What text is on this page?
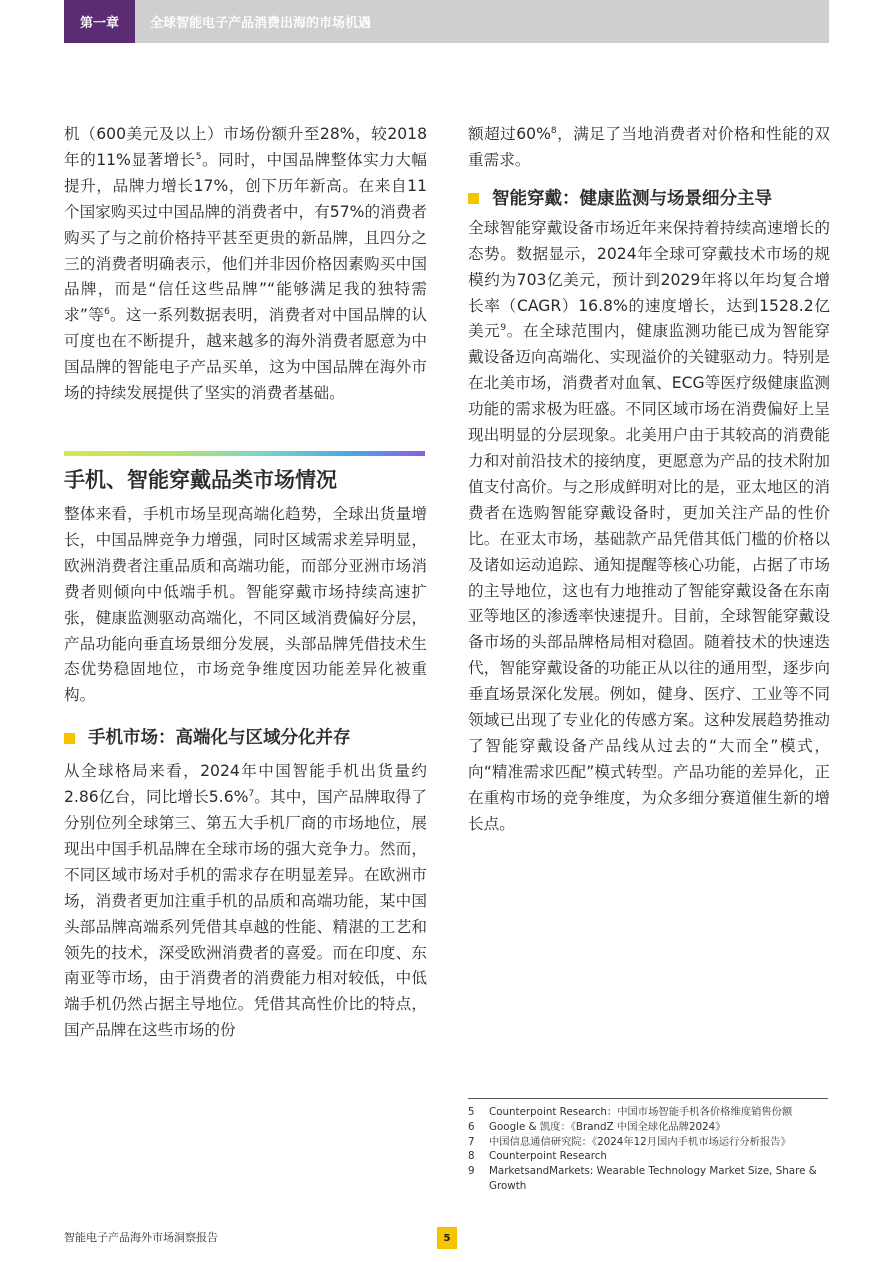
第一章	全球智能电子产品消费出海的市场机遇

机（600美元及以上）市场份额升至28%，较2018年的11%显著增长$^5$。同时，中国品牌整体实力大幅提升，品牌力增长17%，创下历年新高。在来自11个国家购买过中国品牌的消费者中，有57%的消费者购买了与之前价格持平甚至更贵的新品牌，且四分之三的消费者明确表示，他们并非因价格因素购买中国品牌，而是“信任这些品牌”“能够满足我的独特需求”等$^6$。这一系列数据表明，消费者对中国品牌的认可度也在不断提升，越来越多的海外消费者愿意为中国品牌的智能电子产品买单，这为中国品牌在海外市场的持续发展提供了坚实的消费者基础。

手机、智能穿戴品类市场情况

整体来看，手机市场呈现高端化趋势，全球出货量增长，中国品牌竞争力增强，同时区域需求差异明显，欧洲消费者注重品质和高端功能，而部分亚洲市场消费者则倾向中低端手机。智能穿戴市场持续高速扩张，健康监测驱动高端化，不同区域消费偏好分层，产品功能向垂直场景细分发展，头部品牌凭借技术生态优势稳固地位，市场竞争维度因功能差异化被重构。

手机市场：高端化与区域分化并存

从全球格局来看，2024年中国智能手机出货量约2.86亿台，同比增长5.6%$^7$。其中，国产品牌取得了分别位列全球第三、第五大手机厂商的市场地位，展现出中国手机品牌在全球市场的强大竞争力。然而，不同区域市场对手机的需求存在明显差异。在欧洲市场，消费者更加注重手机的品质和高端功能，某中国头部品牌高端系列凭借其卓越的性能、精湛的工艺和领先的技术，深受欧洲消费者的喜爱。而在印度、东南亚等市场，由于消费者的消费能力相对较低，中低端手机仍然占据主导地位。凭借其高性价比的特点，国产品牌在这些市场的份

额超过60%$^8$，满足了当地消费者对价格和性能的双重需求。

智能穿戴：健康监测与场景细分主导

全球智能穿戴设备市场近年来保持着持续高速增长的态势。数据显示，2024年全球可穿戴技术市场的规模约为703亿美元，预计到2029年将以年均复合增长率（CAGR）16.8%的速度增长，达到1528.2亿美元$^9$。在全球范围内，健康监测功能已成为智能穿戴设备迈向高端化、实现溢价的关键驱动力。特别是在北美市场，消费者对血氧、ECG等医疗级健康监测功能的需求极为旺盛。不同区域市场在消费偏好上呈现出明显的分层现象。北美用户由于其较高的消费能力和对前沿技术的接纳度，更愿意为产品的技术附加值支付高价。与之形成鲜明对比的是，亚太地区的消费者在选购智能穿戴设备时，更加关注产品的性价比。在亚太市场，基础款产品凭借其低门槛的价格以及诸如运动追踪、通知提醒等核心功能，占据了市场的主导地位，这也有力地推动了智能穿戴设备在东南亚等地区的渗透率快速提升。目前，全球智能穿戴设备市场的头部品牌格局相对稳固。随着技术的快速迭代，智能穿戴设备的功能正从以往的通用型，逐步向垂直场景深化发展。例如，健身、医疗、工业等不同领域已出现了专业化的传感方案。这种发展趋势推动了智能穿戴设备产品线从过去的“大而全”模式，向“精准需求匹配”模式转型。产品功能的差异化，正在重构市场的竞争维度，为众多细分赛道催生新的增长点。

5	Counterpoint Research：中国市场智能手机各价格维度销售份额
6	Google & 凯度：《BrandZ 中国全球化品牌2024》
7	中国信息通信研究院：《2024年12月国内手机市场运行分析报告》
8	Counterpoint Research
9	MarketsandMarkets: Wearable Technology Market Size, Share & Growth
智能电子产品海外市场洞察报告	5
